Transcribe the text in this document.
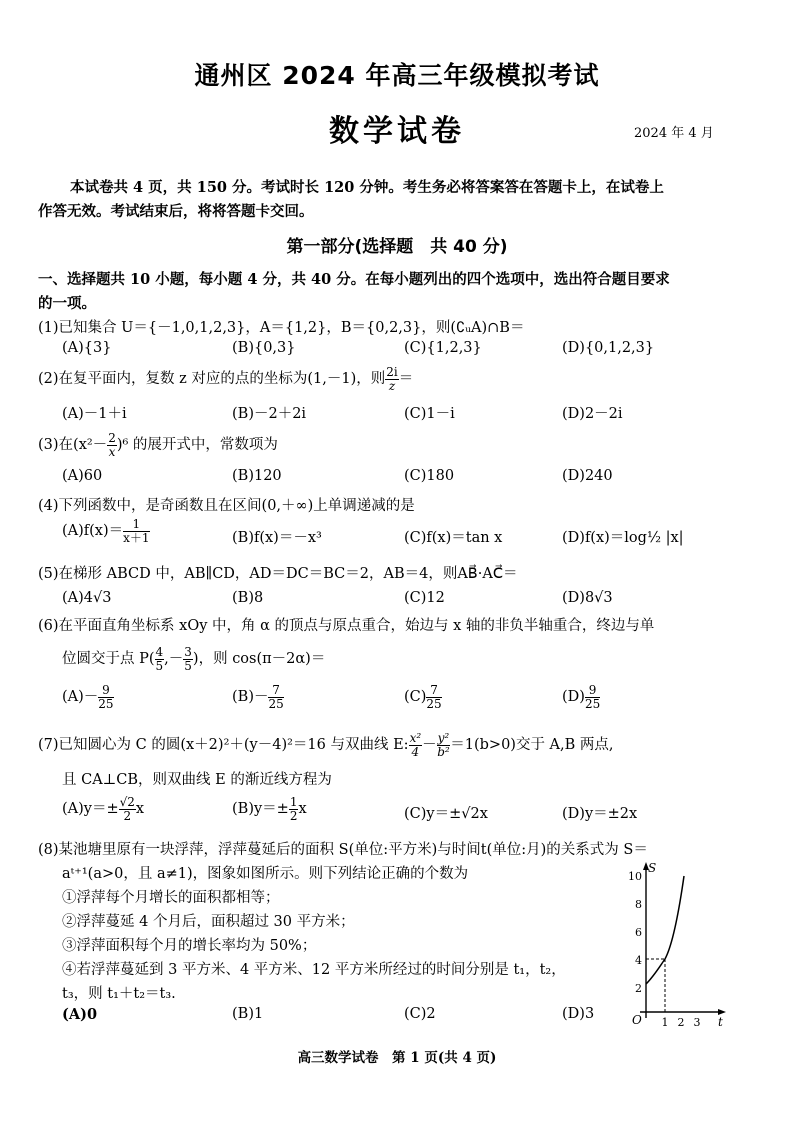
通州区 2024 年高三年级模拟考试
数学试卷	2024 年 4 月
本试卷共 4 页，共 150 分。考试时长 120 分钟。考生务必将答案答在答题卡上，在试卷上
作答无效。考试结束后，将将答题卡交回。
第一部分(选择题　共 40 分)
一、选择题共 10 小题，每小题 4 分，共 40 分。在每小题列出的四个选项中，选出符合题目要求
的一项。
(1)已知集合 U＝{－1,0,1,2,3}，A＝{1,2}，B＝{0,2,3}，则(∁ᵤA)∩B＝
(A){3}	(B){0,3}	(C){1,2,3}	(D){0,1,2,3}
(2)在复平面内，复数 z 对应的点的坐标为(1,－1)，则 $\frac{2i}{z}$ ＝
(A)－1＋i	(B)－2＋2i	(C)1－i	(D)2－2i
(3)在$(x^2- \frac{2}{x} )^6$ 的展开式中，常数项为
(A)60	(B)120	(C)180	(D)240
(4)下列函数中，是奇函数且在区间(0,＋∞)上单调递减的是
$(A)f(x)= \frac{1}{x+1}$	(B)f(x)＝－x³	(C)f(x)＝tan x	(D)f(x)＝log½ |x|
(5)在梯形 ABCD 中，AB∥CD，AD＝DC＝BC＝2，AB＝4，则AB⃗·AC⃗＝
(A)4√3	(B)8	(C)12	(D)8√3
(6)在平面直角坐标系 xOy 中，角 α 的顶点与原点重合，始边与 x 轴的非负半轴重合，终边与单
位圆交于点 $P( \frac{4}{5}$ ,－ $\frac{3}{5}$ )，则 cos(π－2α)＝
$(A)- \frac{9}{25}$	$(B)- \frac{7}{25}$	$(C) \frac{7}{25}$	$(D) \frac{9}{25}$
(7)已知圆心为 C 的圆(x＋2)²＋(y－4)²＝16 与双曲线 E: $\frac{\text{x²}}{4} - \frac{\text{y²}}{\text{b²}} =1(b>0)$交于 A,B 两点,
且 CA⊥CB，则双曲线 E 的渐近线方程为
$(A)y=\pm \frac{√2}{2}$ x	$(B)y=\pm \frac{1}{2}$ x	(C)y＝±√2x	(D)y＝±2x
(8)某池塘里原有一块浮萍，浮萍蔓延后的面积 S(单位:平方米)与时间t(单位:月)的关系式为 S＝
aᵗ⁺¹(a>0，且 a≠1)，图象如图所示。则下列结论正确的个数为
①浮萍每个月增长的面积都相等；
②浮萍蔓延 4 个月后，面积超过 30 平方米；
③浮萍面积每个月的增长率均为 50%；
④若浮萍蔓延到 3 平方米、4 平方米、12 平方米所经过的时间分别是 t₁，t₂，
t₃，则 t₁＋t₂＝t₃.
(A)0	(B)1	(C)2	(D)3
S
t
O
2
4
6
8
10
1 2 3
高三数学试卷　第 1 页(共 4 页)
